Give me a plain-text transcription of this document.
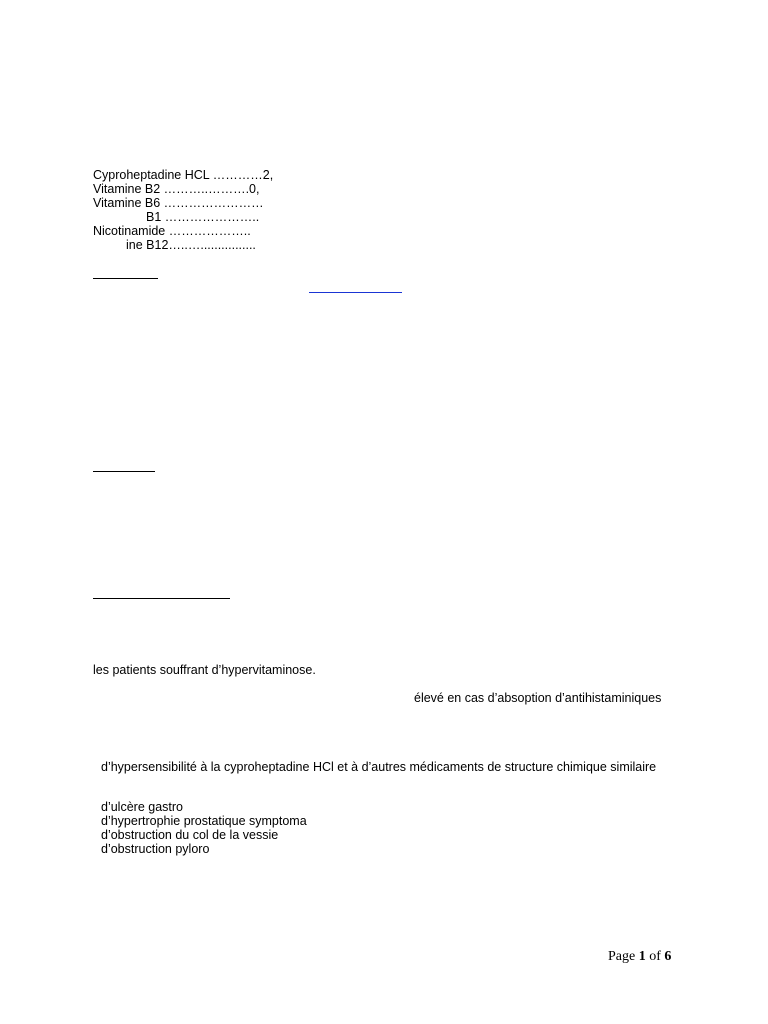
Cyproheptadine HCL …………2,
Vitamine B2 ………..……….0,
Vitamine B6 ……………………
B1 …………………..
Nicotinamide ………………..
ine B12…..…................
les patients souffrant d’hypervitaminose.
élevé en cas d’absoption d’antihistaminiques
d’hypersensibilité à la cyproheptadine HCl et à d’autres médicaments de structure chimique similaire
d’ulcère gastro
d’hypertrophie prostatique symptoma
d’obstruction du col de la vessie
d’obstruction pyloro
Page 1 of 6
